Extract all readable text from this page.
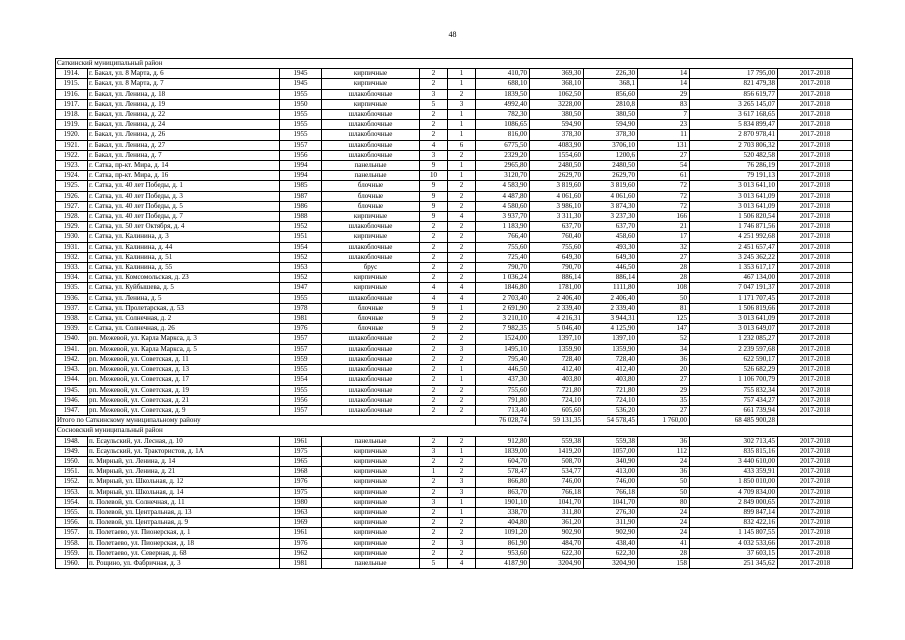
48
Саткинский муниципальный район											
1914.	г. Бакал, ул. 8 Марта, д. 6	1945	кирпичные	2	1	410,70	369,30	226,30	14	17 795,00	2017-2018
1915.	г. Бакал, ул. 8 Марта, д. 7	1945	кирпичные	2	1	688,10	368,10	368,1	14	821 479,38	2017-2018
1916.	г. Бакал, ул. Ленина, д. 18	1955	шлакоблочные	3	2	1839,50	1062,50	856,60	29	856 619,77	2017-2018
1917.	г. Бакал, ул. Ленина, д. 19	1950	кирпичные	5	3	4992,40	3228,00	2810,8	83	3 265 145,07	2017-2018
1918.	г. Бакал, ул. Ленина, д. 22	1955	шлакоблочные	2	1	782,30	380,50	380,50	7	3 617 168,65	2017-2018
1919.	г. Бакал, ул. Ленина, д. 24	1955	шлакоблочные	2	1	1086,65	594,90	594,90	23	5 834 899,47	2017-2018
1920.	г. Бакал, ул. Ленина, д. 26	1955	шлакоблочные	2	1	816,00	378,30	378,30	11	2 870 978,41	2017-2018
1921.	г. Бакал, ул. Ленина, д. 27	1957	шлакоблочные	4	6	6775,50	4083,90	3706,10	131	2 703 806,32	2017-2018
1922.	г. Бакал, ул. Ленина, д. 7	1956	шлакоблочные	3	2	2329,20	1554,60	1200,6	27	520 482,58	2017-2018
1923.	г. Сатка, пр-кт. Мира, д. 14	1994	панельные	9	1	2965,80	2480,50	2480,50	54	76 286,19	2017-2018
1924.	г. Сатка, пр-кт. Мира, д. 16	1994	панельные	10	1	3120,70	2629,70	2629,70	61	79 191,13	2017-2018
1925.	г. Сатка, ул. 40 лет Победы, д. 1	1985	блочные	9	2	4 583,90	3 819,60	3 819,60	72	3 013 641,10	2017-2018
1926.	г. Сатка, ул. 40 лет Победы, д. 3	1987	блочные	9	2	4 487,80	4 061,60	4 061,60	72	3 013 641,09	2017-2018
1927.	г. Сатка, ул. 40 лет Победы, д. 5	1986	блочные	9	2	4 580,60	3 986,10	3 874,30	72	3 013 641,09	2017-2018
1928.	г. Сатка, ул. 40 лет Победы, д. 7	1988	кирпичные	9	4	3 937,70	3 311,30	3 237,30	166	1 506 820,54	2017-2018
1929.	г. Сатка, ул. 50 лет Октября, д. 4	1952	шлакоблочные	2	2	1 183,90	637,70	637,70	21	1 746 871,56	2017-2018
1930.	г. Сатка, ул. Калинина, д. 3	1951	кирпичные	2	2	766,40	760,40	458,60	17	4 251 992,68	2017-2018
1931.	г. Сатка, ул. Калинина, д. 44	1954	шлакоблочные	2	2	755,60	755,60	493,30	32	2 451 657,47	2017-2018
1932.	г. Сатка, ул. Калинина, д. 51	1952	шлакоблочные	2	2	725,40	649,30	649,30	27	3 245 362,22	2017-2018
1933.	г. Сатка, ул. Калинина, д. 55	1953	брус	2	2	790,70	790,70	446,50	28	1 353 617,17	2017-2018
1934.	г. Сатка, ул. Комсомольская, д. 23	1952	кирпичные	2	2	1 036,24	886,14	886,14	28	467 134,00	2017-2018
1935.	г. Сатка, ул. Куйбышева, д. 5	1947	кирпичные	4	4	1846,80	1781,00	1111,80	108	7 047 191,37	2017-2018
1936.	г. Сатка, ул. Ленина, д. 5	1955	шлакоблочные	4	4	2 703,40	2 406,40	2 406,40	50	1 171 707,45	2017-2018
1937.	г. Сатка, ул. Пролетарская, д. 53	1978	блочные	9	1	2 691,90	2 339,40	2 339,40	81	1 506 819,66	2017-2018
1938.	г. Сатка, ул. Солнечная, д. 2	1981	блочные	9	2	3 210,10	4 216,31	3 944,31	125	3 013 641,09	2017-2018
1939.	г. Сатка, ул. Солнечная, д. 26	1976	блочные	9	2	7 982,35	5 046,40	4 125,90	147	3 013 649,07	2017-2018
1940.	рп. Межевой, ул. Карла Маркса, д. 3	1957	шлакоблочные	2	2	1524,00	1397,10	1397,10	52	1 232 085,27	2017-2018
1941.	рп. Межевой, ул. Карла Маркса, д. 5	1957	шлакоблочные	2	3	1495,10	1359,90	1359,90	34	2 239 597,68	2017-2018
1942.	рп. Межевой, ул. Советская, д. 11	1959	шлакоблочные	2	2	795,40	728,40	728,40	36	622 590,17	2017-2018
1943.	рп. Межевой, ул. Советская, д. 13	1955	шлакоблочные	2	1	446,50	412,40	412,40	20	526 682,29	2017-2018
1944.	рп. Межевой, ул. Советская, д. 17	1954	шлакоблочные	2	1	437,30	403,80	403,80	27	1 106 700,79	2017-2018
1945.	рп. Межевой, ул. Советская, д. 19	1955	шлакоблочные	2	2	755,60	721,80	721,80	29	755 832,34	2017-2018
1946.	рп. Межевой, ул. Советская, д. 21	1956	шлакоблочные	2	2	791,80	724,10	724,10	35	757 434,27	2017-2018
1947.	рп. Межевой, ул. Советская, д. 9	1957	шлакоблочные	2	2	713,40	605,60	536,20	27	661 739,94	2017-2018
Итого по Саткинскому муниципальному району						76 028,74	59 131,35	54 578,45	1 760,00	68 485 900,28	
Сосновский муниципальный район											
1948.	п. Есаульский, ул. Лесная, д. 10	1961	панельные	2	2	912,80	559,38	559,38	36	302 713,45	2017-2018
1949.	п. Есаульский, ул. Трактористов, д. 1А	1975	кирпичные	3	1	1839,00	1419,20	1057,00	112	835 815,16	2017-2018
1950.	п. Мирный, ул. Ленина, д. 14	1965	кирпичные	2	2	604,70	508,70	340,90	24	3 440 610,00	2017-2018
1951.	п. Мирный, ул. Ленина, д. 21	1968	кирпичные	1	2	578,47	534,77	413,00	36	433 359,91	2017-2018
1952.	п. Мирный, ул. Школьная, д. 12	1976	кирпичные	2	3	866,80	746,00	746,00	50	1 850 010,00	2017-2018
1953.	п. Мирный, ул. Школьная, д. 14	1975	кирпичные	2	3	863,70	766,18	766,18	50	4 709 834,00	2017-2018
1954.	п. Полевой, ул. Солнечная, д. 11	1980	кирпичные	3	1	1901,10	1041,70	1041,70	80	2 849 000,65	2017-2018
1955.	п. Полевой, ул. Центральная, д. 13	1963	кирпичные	2	1	338,70	311,80	276,30	24	899 847,14	2017-2018
1956.	п. Полевой, ул. Центральная, д. 9	1969	кирпичные	2	2	404,80	361,20	311,90	24	832 422,16	2017-2018
1957.	п. Полетаево, ул. Пионерская, д. 1	1961	кирпичные	2	2	1091,20	902,90	902,90	24	1 145 807,55	2017-2018
1958.	п. Полетаево, ул. Пионерская, д. 18	1976	кирпичные	2	3	861,90	484,70	438,40	41	4 032 533,66	2017-2018
1959.	п. Полетаево, ул. Северная, д. 68	1962	кирпичные	2	2	953,60	622,30	622,30	28	37 603,15	2017-2018
1960.	п. Рощино, ул. Фабричная, д. 3	1981	панельные	5	4	4187,90	3204,90	3204,90	158	251 345,62	2017-2018
